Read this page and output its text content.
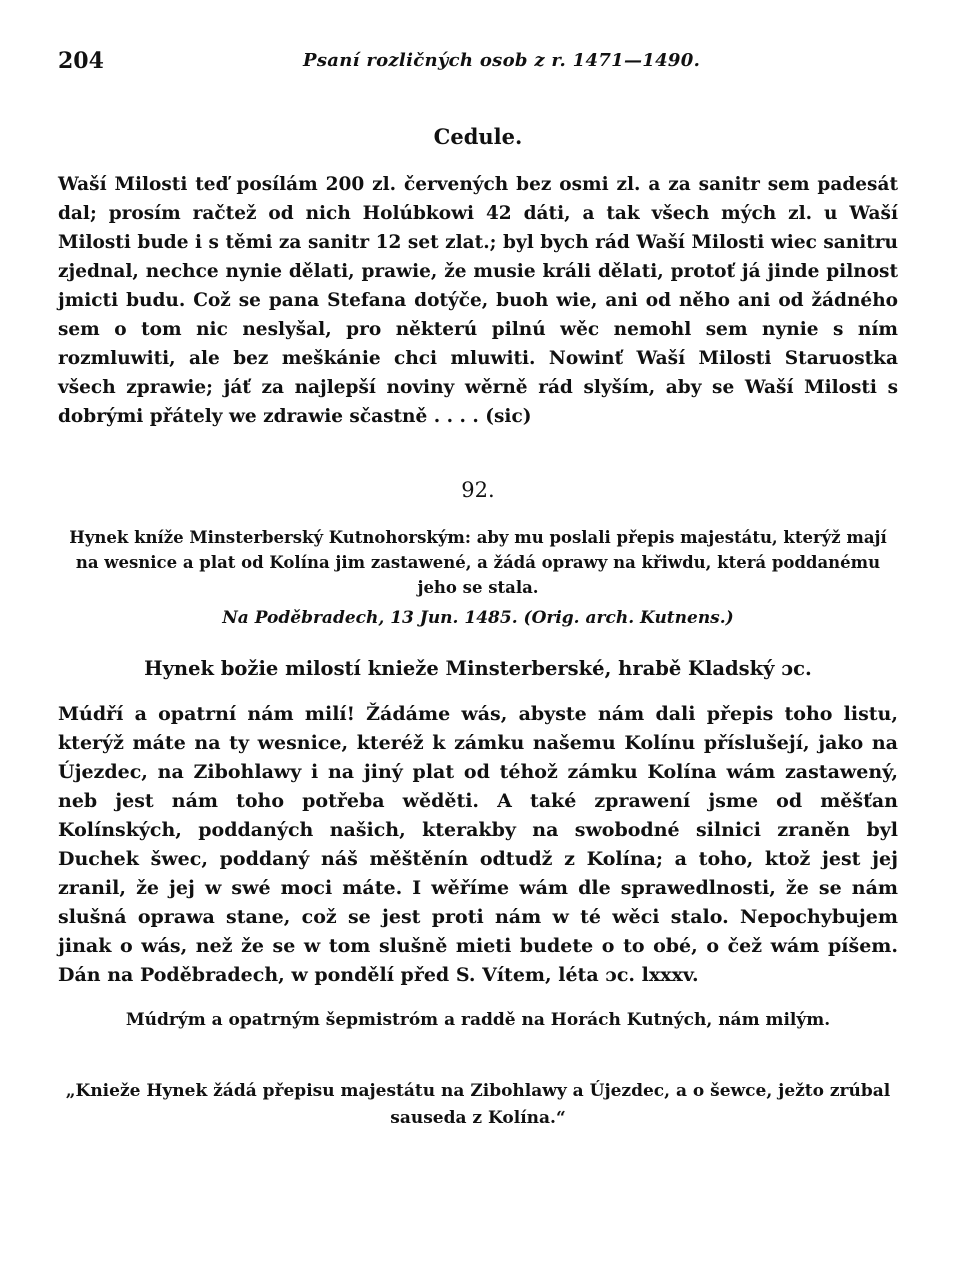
204	Psaní rozličných osob z r. 1471—1490.
Cedule.
Waší Milosti teď posílám 200 zl. červených bez osmi zl. a za sanitr sem padesát dal; prosím račtež od nich Holúbkowi 42 dáti, a tak všech mých zl. u Waší Milosti bude i s těmi za sanitr 12 set zlat.; byl bych rád Waší Milosti wiec sanitru zjednal, nechce nynie dělati, prawie, že musie králi dělati, protoť já jinde pilnost jmicti budu. Což se pana Stefana dotýče, buoh wie, ani od něho ani od žádného sem o tom nic neslyšal, pro některú pilnú wěc nemohl sem nynie s ním rozmluwiti, ale bez meškánie chci mluwiti. Nowinť Waší Milosti Staruostka všech zprawie; jáť za najlepší noviny wěrně rád slyším, aby se Waší Milosti s dobrými přátely we zdrawie sčastně . . . . (sic)
92.
Hynek kníže Minsterberský Kutnohorským: aby mu poslali přepis majestátu, kterýž mají na wesnice a plat od Kolína jim zastawené, a žádá oprawy na křiwdu, která poddanému jeho se stala.
Na Poděbradech, 13 Jun. 1485. (Orig. arch. Kutnens.)
Hynek božie milostí knieže Minsterberské, hrabě Kladský ɔc.
Múdří a opatrní nám milí! Žádáme wás, abyste nám dali přepis toho listu, kterýž máte na ty wesnice, kteréž k zámku našemu Kolínu příslušejí, jako na Újezdec, na Zibohlawy i na jiný plat od téhož zámku Kolína wám zastawený, neb jest nám toho potřeba wěděti. A také zprawení jsme od měšťan Kolínských, poddaných našich, kterakby na swobodné silnici zraněn byl Duchek šwec, poddaný náš měštěnín odtudž z Kolína; a toho, ktož jest jej zranil, že jej w swé moci máte. I wěříme wám dle sprawedlnosti, že se nám slušná oprawa stane, což se jest proti nám w té wěci stalo. Nepochybujem jinak o wás, než že se w tom slušně mieti budete o to obé, o čež wám píšem. Dán na Poděbradech, w pondělí před S. Vítem, léta ɔc. lxxxv.
Múdrým a opatrným šepmistróm a raddě na Horách Kutných, nám milým.
„Knieže Hynek žádá přepisu majestátu na Zibohlawy a Újezdec, a o šewce, ježto zrúbal sauseda z Kolína.“
